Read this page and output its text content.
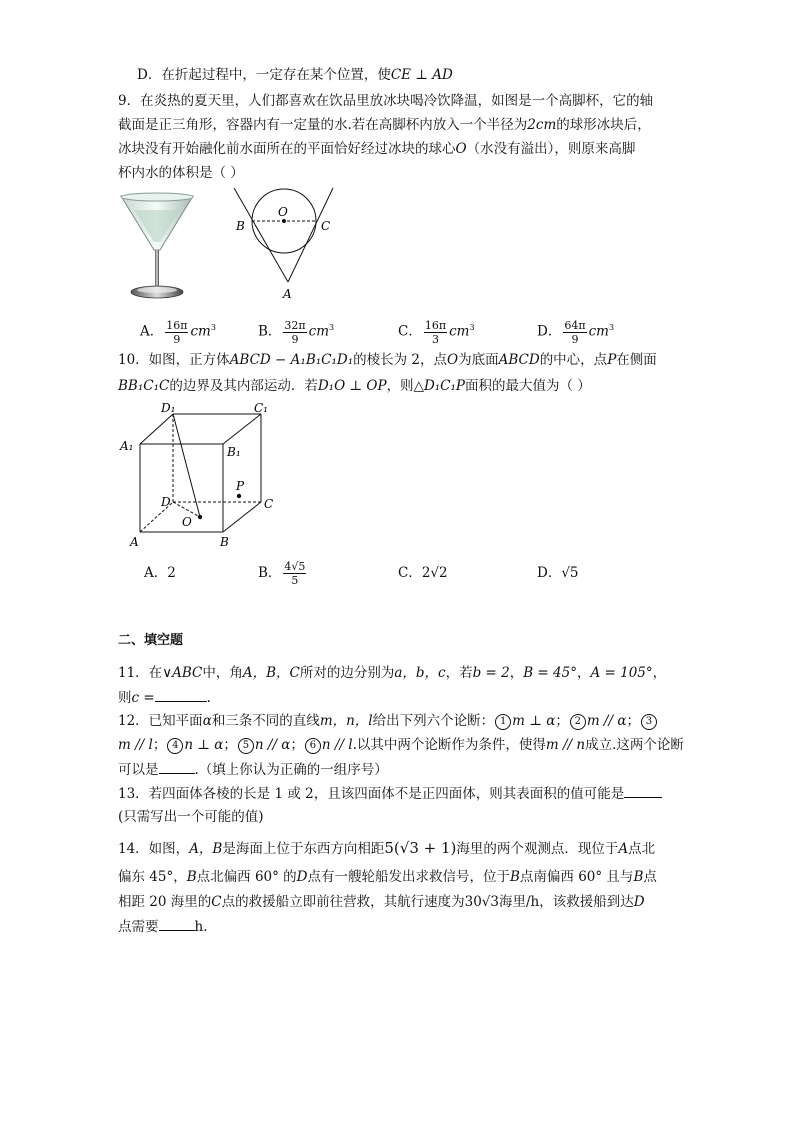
D．在折起过程中，一定存在某个位置，使CE ⊥ AD
9．在炎热的夏天里，人们都喜欢在饮品里放冰块喝冷饮降温，如图是一个高脚杯，它的轴
截面是正三角形，容器内有一定量的水.若在高脚杯内放入一个半径为2cm的球形冰块后，
冰块没有开始融化前水面所在的平面恰好经过冰块的球心O（水没有溢出），则原来高脚
杯内水的体积是（ ）
O
B	C
A
A． $\frac{16\pi}{9} cm^3$	B． $\frac{32\pi}{9} cm^3$	C． $\frac{16\pi}{3} cm^3$	D． $\frac{64\pi}{9} cm^3$
10．如图，正方体ABCD − A₁B₁C₁D₁的棱长为 2，点O为底面ABCD的中心，点P在侧面
BB₁C₁C的边界及其内部运动．若D₁O ⊥ OP，则△D₁C₁P面积的最大值为（ ）
D₁	C₁
A₁	B₁
D	C
P
O
A	B
A．2	B． $\frac{4√5}{5}$	C．2√2	D．√5
二、填空题
11．在∨ABC中，角A，B，C所对的边分别为a，b，c，若b = 2，B = 45°，A = 105°，
则c =	.
12．已知平面α和三条不同的直线m，n，l给出下列六个论断： 1 m ⊥ α； 2 m // α； 3
m // l； 4 n ⊥ α； 5 n // α； 6 n // l.以其中两个论断作为条件，使得m // n成立.这两个论断
可以是	.（填上你认为正确的一组序号）
13．若四面体各棱的长是 1 或 2，且该四面体不是正四面体，则其表面积的值可能是
(只需写出一个可能的值)
14．如图，A，B是海面上位于东西方向相距5(√3 + 1)海里的两个观测点．现位于A点北
偏东 45°，B点北偏西 60° 的D点有一艘轮船发出求救信号，位于B点南偏西 60° 且与B点
相距 20 海里的C点的救援船立即前往营救，其航行速度为30√3海里/h，该救援船到达D
点需要	h.
